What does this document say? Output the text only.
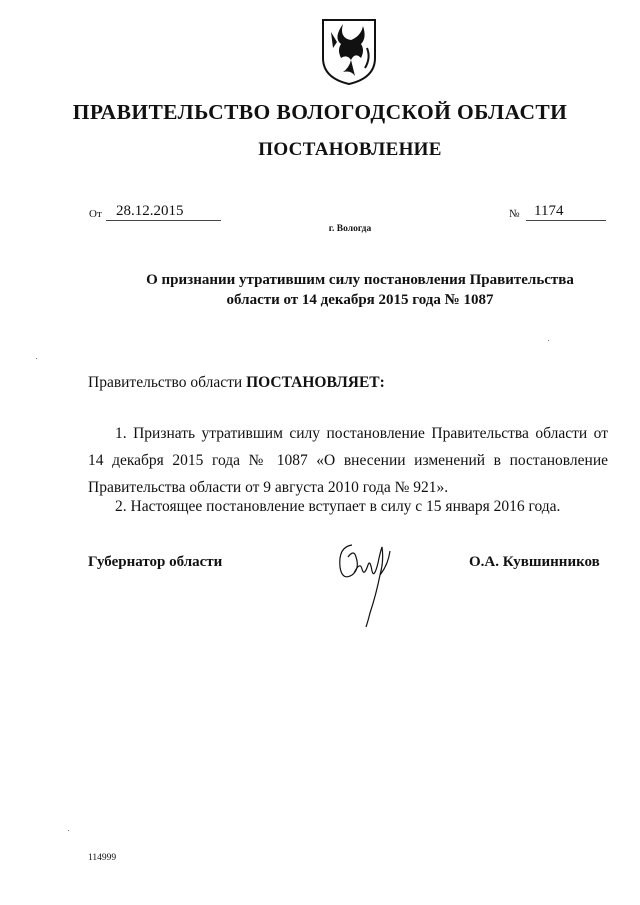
ПРАВИТЕЛЬСТВО ВОЛОГОДСКОЙ ОБЛАСТИ
ПОСТАНОВЛЕНИЕ
От 28.12.2015	№ 1174
г. Вологда
О признании утратившим силу постановления Правительства области от 14 декабря 2015 года № 1087
Правительство области ПОСТАНОВЛЯЕТ:
1. Признать утратившим силу постановление Правительства области от 14 декабря 2015 года № 1087 «О внесении изменений в постановление Правительства области от 9 августа 2010 года № 921».
2. Настоящее постановление вступает в силу с 15 января 2016 года.
Губернатор области	О.А. Кувшинников
114999
